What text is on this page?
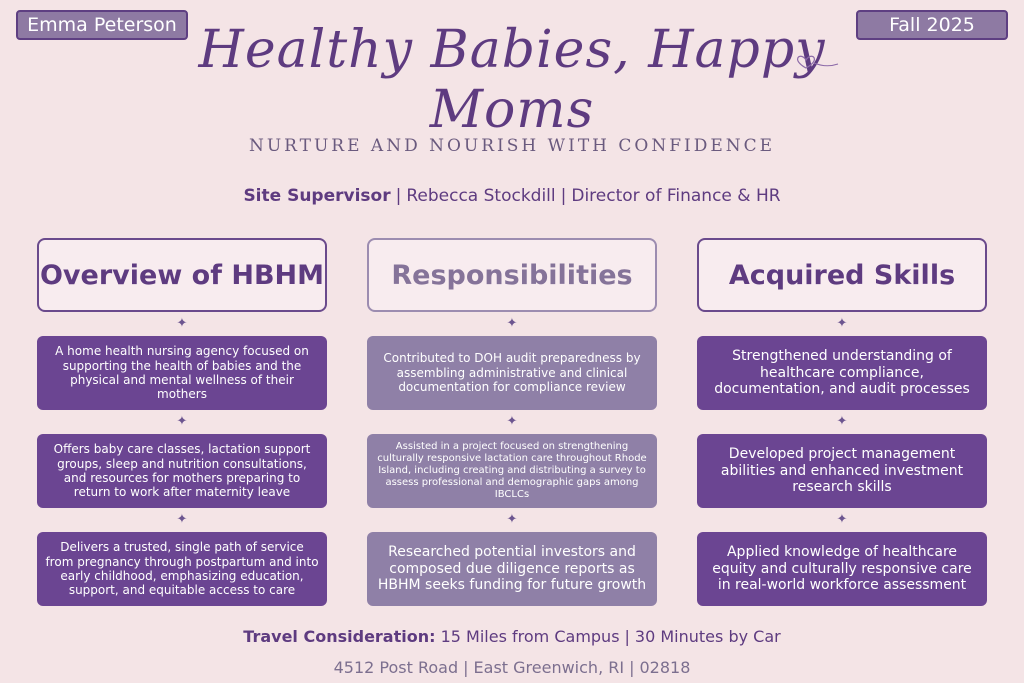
Emma Peterson	Fall 2025
Healthy Babies, Happy Moms
NURTURE AND NOURISH WITH CONFIDENCE
Site Supervisor | Rebecca Stockdill | Director of Finance & HR
Overview of HBHM
✦
A home health nursing agency focused on supporting the health of babies and the physical and mental wellness of their mothers
✦
Offers baby care classes, lactation support groups, sleep and nutrition consultations, and resources for mothers preparing to return to work after maternity leave
✦
Delivers a trusted, single path of service from pregnancy through postpartum and into early childhood, emphasizing education, support, and equitable access to care
Responsibilities
✦
Contributed to DOH audit preparedness by assembling administrative and clinical documentation for compliance review
✦
Assisted in a project focused on strengthening culturally responsive lactation care throughout Rhode Island, including creating and distributing a survey to assess professional and demographic gaps among IBCLCs
✦
Researched potential investors and composed due diligence reports as HBHM seeks funding for future growth
Acquired Skills
✦
Strengthened understanding of healthcare compliance, documentation, and audit processes
✦
Developed project management abilities and enhanced investment research skills
✦
Applied knowledge of healthcare equity and culturally responsive care in real-world workforce assessment
Travel Consideration: 15 Miles from Campus | 30 Minutes by Car
4512 Post Road | East Greenwich, RI | 02818
